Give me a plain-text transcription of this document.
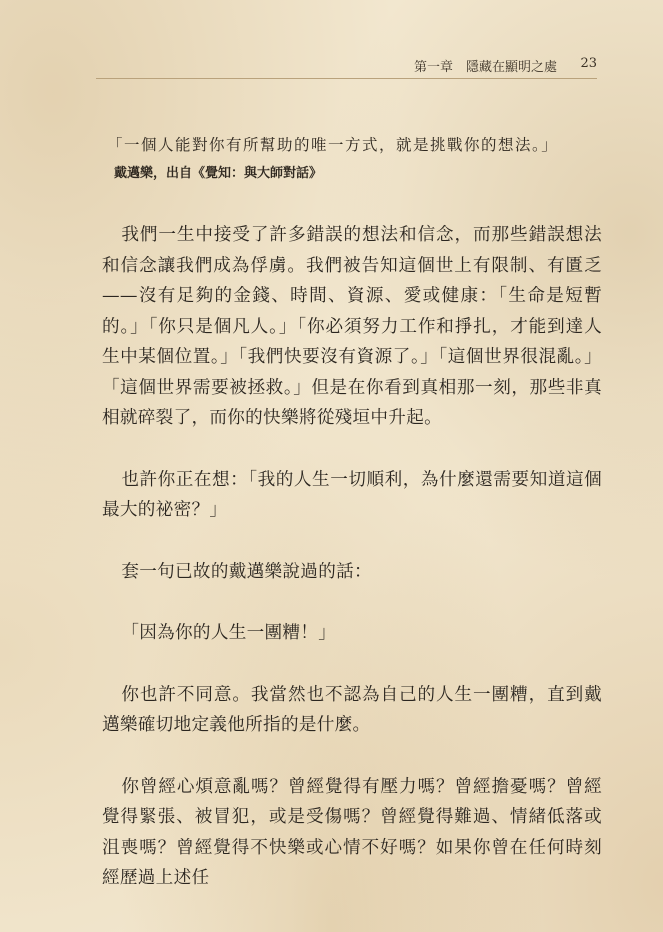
第一章　隱藏在顯明之處 23
「一個人能對你有所幫助的唯一方式，就是挑戰你的想法。」
戴邁樂，出自《覺知：與大師對話》

我們一生中接受了許多錯誤的想法和信念，而那些錯誤想法和信念讓我們成為俘虜。我們被告知這個世上有限制、有匱乏——沒有足夠的金錢、時間、資源、愛或健康：「生命是短暫的。」「你只是個凡人。」「你必須努力工作和掙扎，才能到達人生中某個位置。」「我們快要沒有資源了。」「這個世界很混亂。」「這個世界需要被拯救。」但是在你看到真相那一刻，那些非真相就碎裂了，而你的快樂將從殘垣中升起。

也許你正在想：「我的人生一切順利，為什麼還需要知道這個最大的祕密？」

套一句已故的戴邁樂說過的話：

「因為你的人生一團糟！」

你也許不同意。我當然也不認為自己的人生一團糟，直到戴邁樂確切地定義他所指的是什麼。

你曾經心煩意亂嗎？曾經覺得有壓力嗎？曾經擔憂嗎？曾經覺得緊張、被冒犯，或是受傷嗎？曾經覺得難過、情緒低落或沮喪嗎？曾經覺得不快樂或心情不好嗎？如果你曾在任何時刻經歷過上述任
